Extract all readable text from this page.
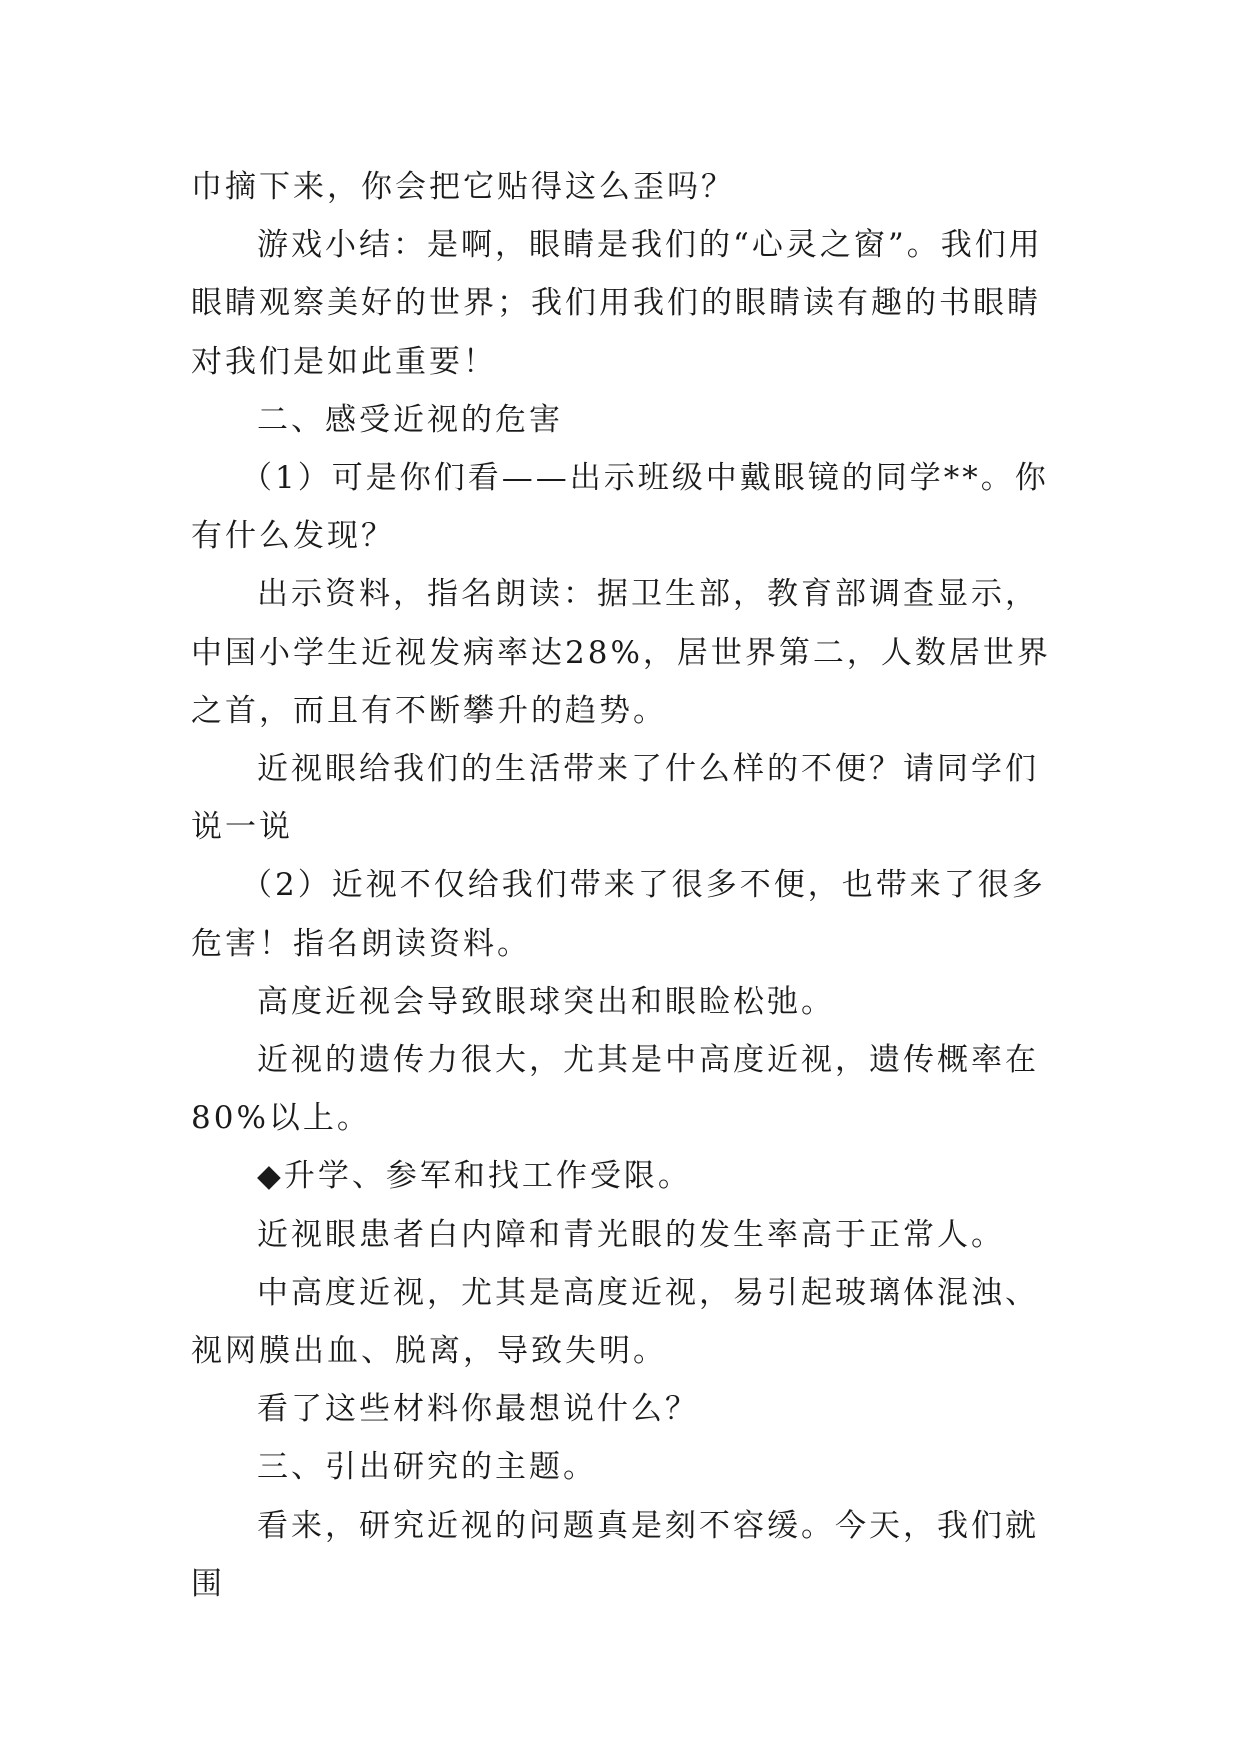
巾摘下来，你会把它贴得这么歪吗？

游戏小结：是啊，眼睛是我们的“心灵之窗”。我们用眼睛观察美好的世界；我们用我们的眼睛读有趣的书眼睛对我们是如此重要！

二、感受近视的危害

（1）可是你们看——出示班级中戴眼镜的同学**。你有什么发现？

出示资料，指名朗读：据卫生部，教育部调查显示，中国小学生近视发病率达28%，居世界第二，人数居世界之首，而且有不断攀升的趋势。

近视眼给我们的生活带来了什么样的不便？请同学们说一说

（2）近视不仅给我们带来了很多不便，也带来了很多危害！指名朗读资料。

高度近视会导致眼球突出和眼睑松弛。

近视的遗传力很大，尤其是中高度近视，遗传概率在80%以上。

◆升学、参军和找工作受限。

近视眼患者白内障和青光眼的发生率高于正常人。

中高度近视，尤其是高度近视，易引起玻璃体混浊、视网膜出血、脱离，导致失明。

看了这些材料你最想说什么？

三、引出研究的主题。

看来，研究近视的问题真是刻不容缓。今天，我们就围
